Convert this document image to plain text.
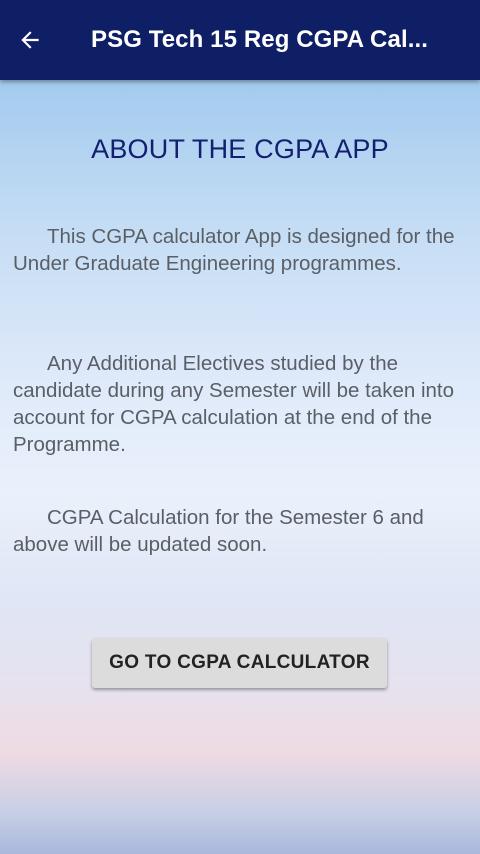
PSG Tech 15 Reg CGPA Cal...
ABOUT THE CGPA APP

This CGPA calculator App is designed for the Under Graduate Engineering programmes.

Any Additional Electives studied by the candidate during any Semester will be taken into account for CGPA calculation at the end of the Programme.

CGPA Calculation for the Semester 6 and above will be updated soon.

GO TO CGPA CALCULATOR
